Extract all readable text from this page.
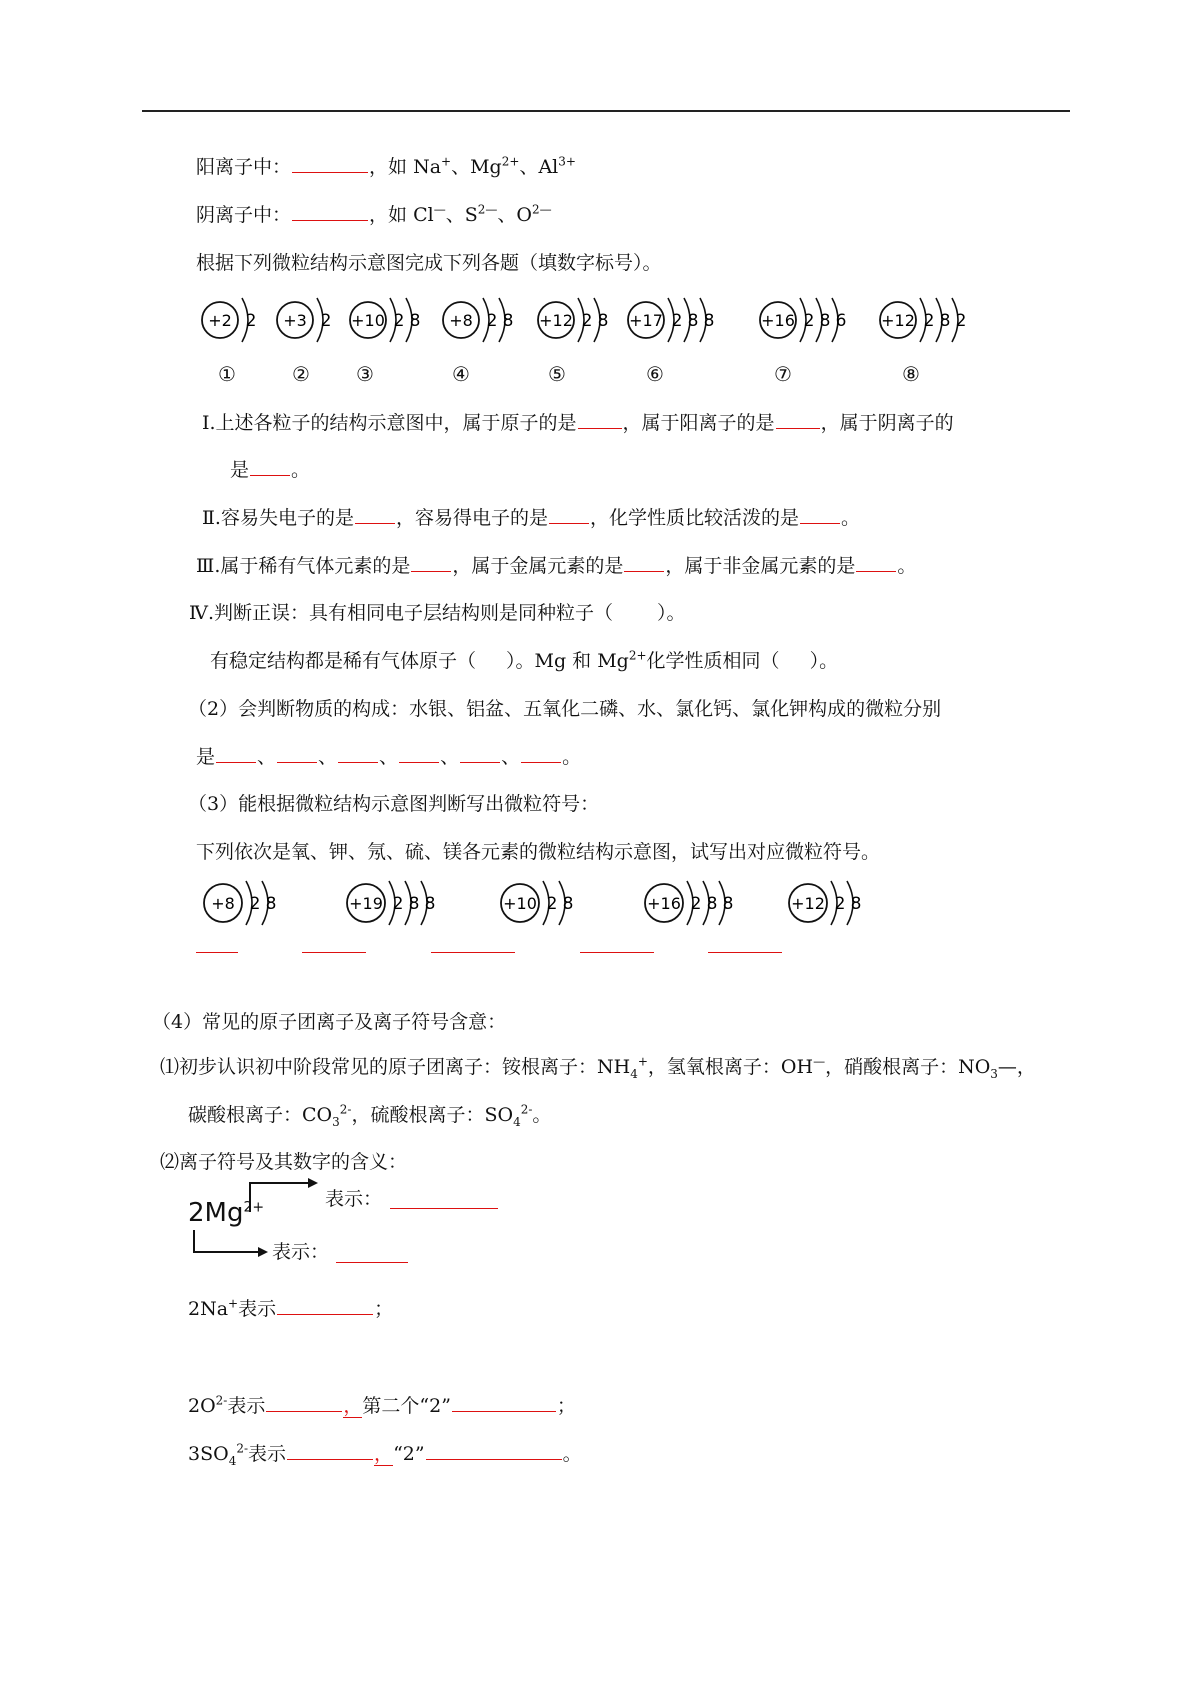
阳离子中：	，如 Na+、$Mg^{2+}$、$Al^{3+}$
阴离子中：	，如 Cl—、$S^{2—}$、$O^{2—}$
根据下列微粒结构示意图完成下列各题（填数字标号）。
+2 2
①
+3 2
②
+10 2 8
③
+8 2 8
④
+12 2 8
⑤
+17 2 8 8
⑥
+16 2 8 6
⑦
+12 2 8 2
⑧
Ⅰ.上述各粒子的结构示意图中，属于原子的是 ，属于阳离子的是 ，属于阴离子的
是 。
Ⅱ.容易失电子的是 ，容易得电子的是 ，化学性质比较活泼的是 。
Ⅲ.属于稀有气体元素的是 ，属于金属元素的是 ，属于非金属元素的是 。
Ⅳ.判断正误：具有相同电子层结构则是同种粒子（ ）。
有稳定结构都是稀有气体原子（ ）。Mg 和 $Mg^{2+}$化学性质相同（ ）。
（2）会判断物质的构成：水银、铝盆、五氧化二磷、水、氯化钙、氯化钾构成的微粒分别
是 、 、 、 、 、 。
（3）能根据微粒结构示意图判断写出微粒符号：
下列依次是氧、钾、氖、硫、镁各元素的微粒结构示意图，试写出对应微粒符号。
+8 2 8	+19 2 8 8	+10 2 8	+16 2 8 8	+12 2 8
（4）常见的原子团离子及离子符号含意：
⑴初步认识初中阶段常见的原子团离子：铵根离子：$NH_4^+$，氢氧根离子：OH—，硝酸根离子：$NO_3—$，
碳酸根离子：$CO_3^{2-}$，硫酸根离子：$SO_4^{2-}$。
⑵离子符号及其数字的含义：
$2Mg^{2+}$	表示：
表示：
2Na+表示	；
$2O^{2-}$表示	，第二个“2”	；
$3SO_4^{2-}$表示	，“2”	。
